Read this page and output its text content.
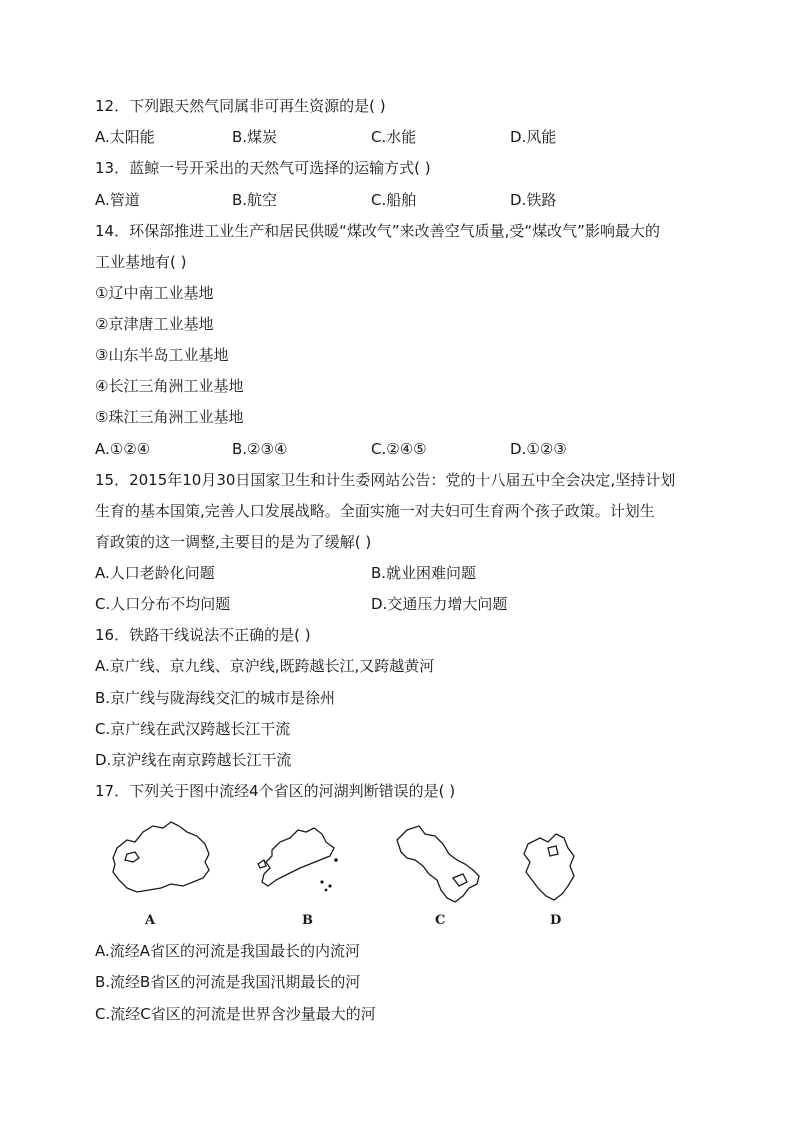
12．下列跟天然气同属非可再生资源的是( )
A.太阳能	B.煤炭	C.水能	D.风能
13．蓝鲸一号开采出的天然气可选择的运输方式( )
A.管道	B.航空	C.船舶	D.铁路
14．环保部推进工业生产和居民供暖“煤改气”来改善空气质量,受“煤改气”影响最大的
工业基地有( )
①辽中南工业基地
②京津唐工业基地
③山东半岛工业基地
④长江三角洲工业基地
⑤珠江三角洲工业基地
A.①②④	B.②③④	C.②④⑤	D.①②③
15．2015年10月30日国家卫生和计生委网站公告：党的十八届五中全会决定,坚持计划
生育的基本国策,完善人口发展战略。全面实施一对夫妇可生育两个孩子政策。计划生
育政策的这一调整,主要目的是为了缓解( )
A.人口老龄化问题	B.就业困难问题
C.人口分布不均问题	D.交通压力增大问题
16．铁路干线说法不正确的是( )
A.京广线、京九线、京沪线,既跨越长江,又跨越黄河
B.京广线与陇海线交汇的城市是徐州
C.京广线在武汉跨越长江干流
D.京沪线在南京跨越长江干流
17．下列关于图中流经4个省区的河湖判断错误的是( )
A	B	C	D
A.流经A省区的河流是我国最长的内流河
B.流经B省区的河流是我国汛期最长的河
C.流经C省区的河流是世界含沙量最大的河
